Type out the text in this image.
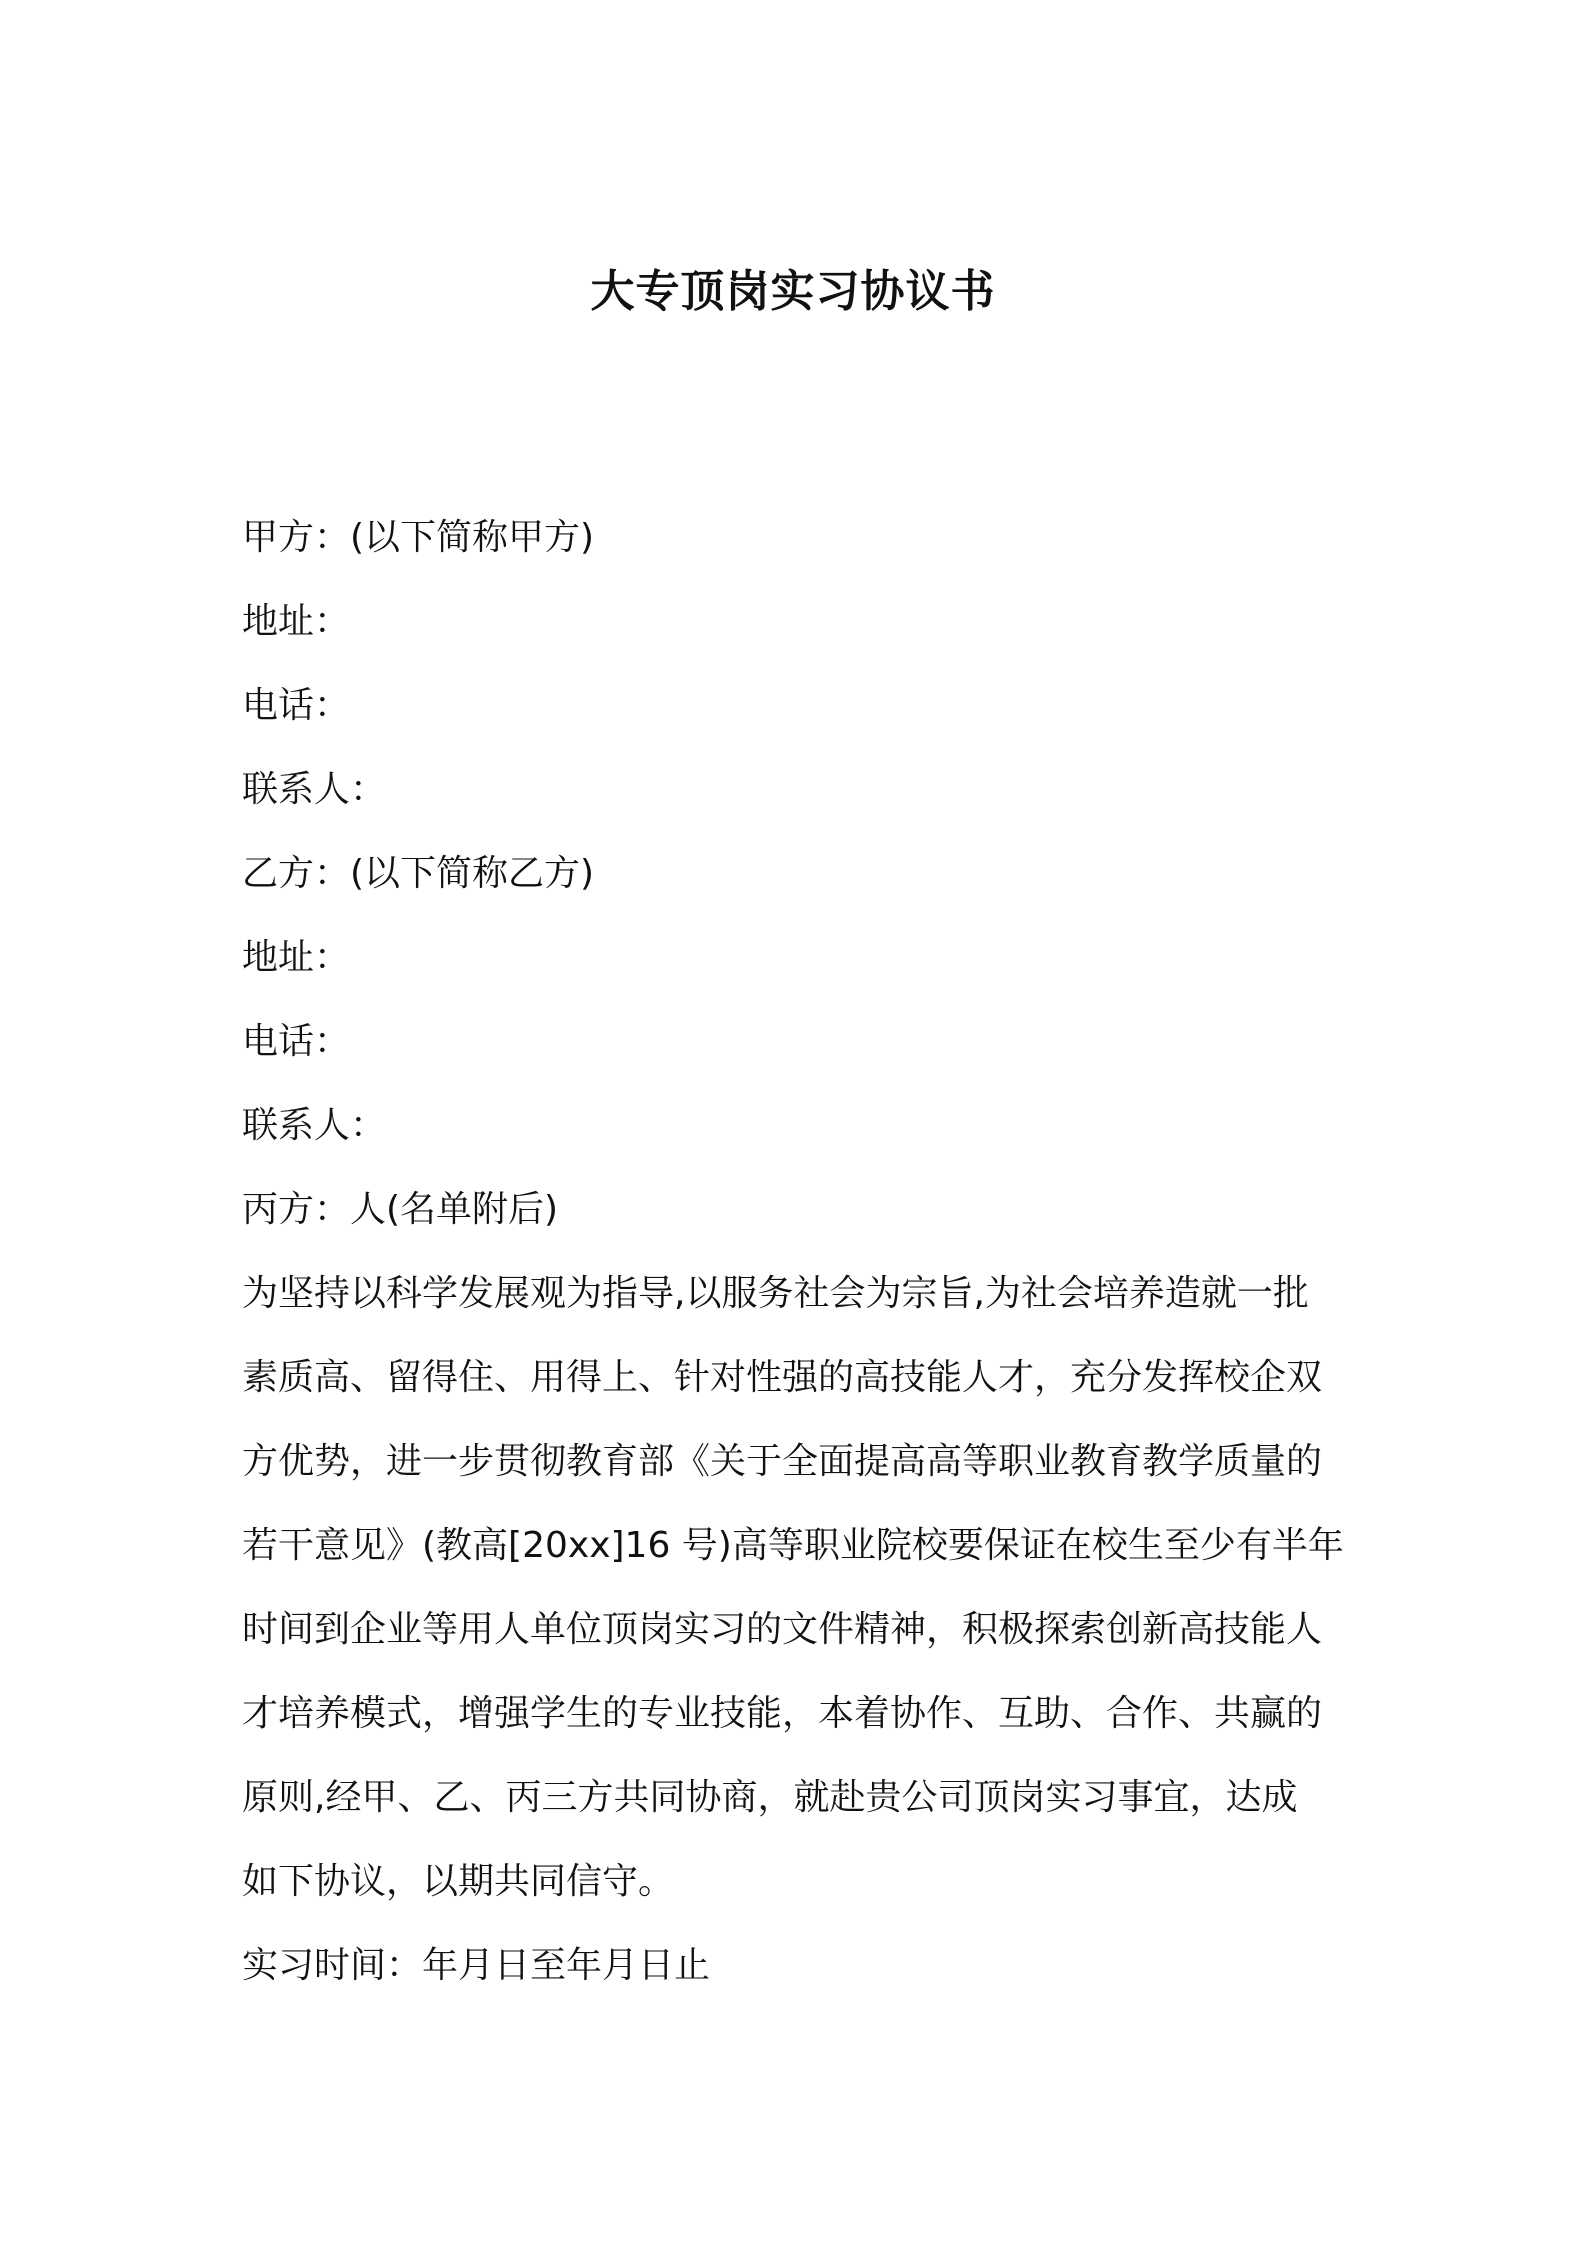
大专顶岗实习协议书

甲方：(以下简称甲方)

地址：

电话：

联系人：

乙方：(以下简称乙方)

地址：

电话：

联系人：

丙方：人(名单附后)

为坚持以科学发展观为指导,以服务社会为宗旨,为社会培养造就一批
素质高、留得住、用得上、针对性强的高技能人才，充分发挥校企双
方优势，进一步贯彻教育部《关于全面提高高等职业教育教学质量的
若干意见》(教高[20xx]16 号)高等职业院校要保证在校生至少有半年
时间到企业等用人单位顶岗实习的文件精神，积极探索创新高技能人
才培养模式，增强学生的专业技能，本着协作、互助、合作、共赢的
原则,经甲、乙、丙三方共同协商，就赴贵公司顶岗实习事宜，达成
如下协议，以期共同信守。

实习时间：年月日至年月日止
